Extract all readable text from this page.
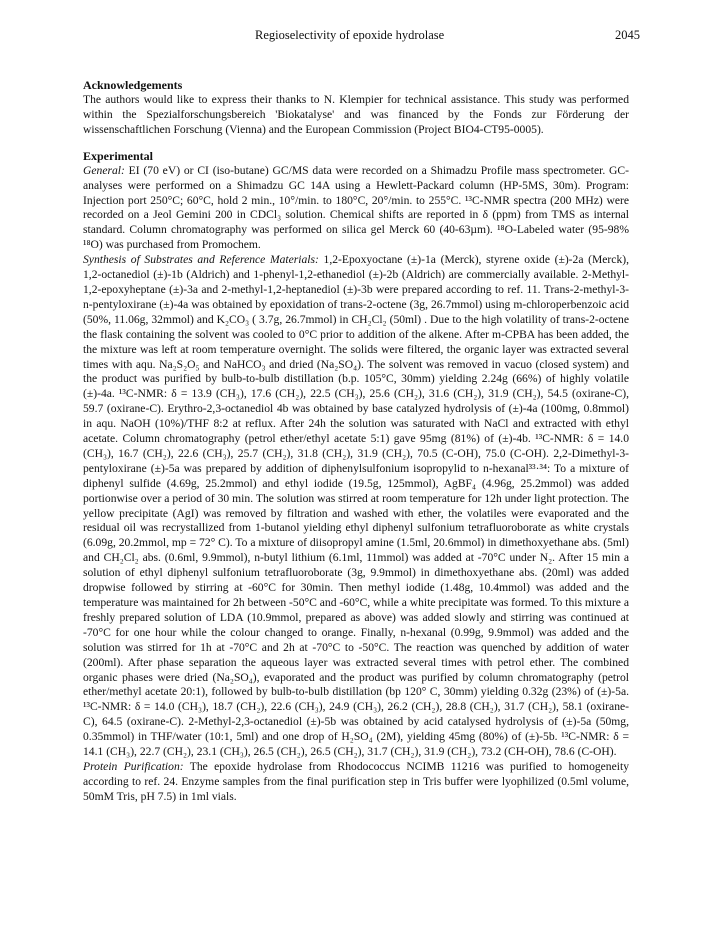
Regioselectivity of epoxide hydrolase	2045

Acknowledgements

The authors would like to express their thanks to N. Klempier for technical assistance. This study was performed within the Spezialforschungsbereich 'Biokatalyse' and was financed by the Fonds zur Förderung der wissenschaftlichen Forschung (Vienna) and the European Commission (Project BIO4-CT95-0005).

Experimental

General: EI (70 eV) or CI (iso-butane) GC/MS data were recorded on a Shimadzu Profile mass spectrometer. GC-analyses were performed on a Shimadzu GC 14A using a Hewlett-Packard column (HP-5MS, 30m). Program: Injection port 250°C; 60°C, hold 2 min., 10°/min. to 180°C, 20°/min. to 255°C. ¹³C-NMR spectra (200 MHz) were recorded on a Jeol Gemini 200 in CDCl₃ solution. Chemical shifts are reported in δ (ppm) from TMS as internal standard. Column chromatography was performed on silica gel Merck 60 (40-63µm). ¹⁸O-Labeled water (95-98% ¹⁸O) was purchased from Promochem.

Synthesis of Substrates and Reference Materials: 1,2-Epoxyoctane (±)-1a (Merck), styrene oxide (±)-2a (Merck), 1,2-octanediol (±)-1b (Aldrich) and 1-phenyl-1,2-ethanediol (±)-2b (Aldrich) are commercially available. 2-Methyl-1,2-epoxyheptane (±)-3a and 2-methyl-1,2-heptanediol (±)-3b were prepared according to ref. 11. Trans-2-methyl-3-n-pentyloxirane (±)-4a was obtained by epoxidation of trans-2-octene (3g, 26.7mmol) using m-chloroperbenzoic acid (50%, 11.06g, 32mmol) and K₂CO₃ ( 3.7g, 26.7mmol) in CH₂Cl₂ (50ml) . Due to the high volatility of trans-2-octene the flask containing the solvent was cooled to 0°C prior to addition of the alkene. After m-CPBA has been added, the the mixture was left at room temperature overnight. The solids were filtered, the organic layer was extracted several times with aqu. Na₂S₂O₅ and NaHCO₃ and dried (Na₂SO₄). The solvent was removed in vacuo (closed system) and the product was purified by bulb-to-bulb distillation (b.p. 105°C, 30mm) yielding 2.24g (66%) of highly volatile (±)-4a. ¹³C-NMR: δ = 13.9 (CH₃), 17.6 (CH₂), 22.5 (CH₃), 25.6 (CH₂), 31.6 (CH₂), 31.9 (CH₂), 54.5 (oxirane-C), 59.7 (oxirane-C). Erythro-2,3-octanediol 4b was obtained by base catalyzed hydrolysis of (±)-4a (100mg, 0.8mmol) in aqu. NaOH (10%)/THF 8:2 at reflux. After 24h the solution was saturated with NaCl and extracted with ethyl acetate. Column chromatography (petrol ether/ethyl acetate 5:1) gave 95mg (81%) of (±)-4b. ¹³C-NMR: δ = 14.0 (CH₃), 16.7 (CH₂), 22.6 (CH₃), 25.7 (CH₂), 31.8 (CH₂), 31.9 (CH₂), 70.5 (C-OH), 75.0 (C-OH). 2,2-Dimethyl-3-pentyloxirane (±)-5a was prepared by addition of diphenylsulfonium isopropylid to n-hexanal³³·³⁴: To a mixture of diphenyl sulfide (4.69g, 25.2mmol) and ethyl iodide (19.5g, 125mmol), AgBF₄ (4.96g, 25.2mmol) was added portionwise over a period of 30 min. The solution was stirred at room temperature for 12h under light protection. The yellow precipitate (AgI) was removed by filtration and washed with ether, the volatiles were evaporated and the residual oil was recrystallized from 1-butanol yielding ethyl diphenyl sulfonium tetrafluoroborate as white crystals (6.09g, 20.2mmol, mp = 72° C). To a mixture of diisopropyl amine (1.5ml, 20.6mmol) in dimethoxyethane abs. (5ml) and CH₂Cl₂ abs. (0.6ml, 9.9mmol), n-butyl lithium (6.1ml, 11mmol) was added at -70°C under N₂. After 15 min a solution of ethyl diphenyl sulfonium tetrafluoroborate (3g, 9.9mmol) in dimethoxyethane abs. (20ml) was added dropwise followed by stirring at -60°C for 30min. Then methyl iodide (1.48g, 10.4mmol) was added and the temperature was maintained for 2h between -50°C and -60°C, while a white precipitate was formed. To this mixture a freshly prepared solution of LDA (10.9mmol, prepared as above) was added slowly and stirring was continued at -70°C for one hour while the colour changed to orange. Finally, n-hexanal (0.99g, 9.9mmol) was added and the solution was stirred for 1h at -70°C and 2h at -70°C to -50°C. The reaction was quenched by addition of water (200ml). After phase separation the aqueous layer was extracted several times with petrol ether. The combined organic phases were dried (Na₂SO₄), evaporated and the product was purified by column chromatography (petrol ether/methyl acetate 20:1), followed by bulb-to-bulb distillation (bp 120° C, 30mm) yielding 0.32g (23%) of (±)-5a. ¹³C-NMR: δ = 14.0 (CH₃), 18.7 (CH₂), 22.6 (CH₃), 24.9 (CH₃), 26.2 (CH₂), 28.8 (CH₂), 31.7 (CH₂), 58.1 (oxirane-C), 64.5 (oxirane-C). 2-Methyl-2,3-octanediol (±)-5b was obtained by acid catalysed hydrolysis of (±)-5a (50mg, 0.35mmol) in THF/water (10:1, 5ml) and one drop of H₂SO₄ (2M), yielding 45mg (80%) of (±)-5b. ¹³C-NMR: δ = 14.1 (CH₃), 22.7 (CH₂), 23.1 (CH₃), 26.5 (CH₂), 26.5 (CH₂), 31.7 (CH₂), 31.9 (CH₂), 73.2 (CH-OH), 78.6 (C-OH).

Protein Purification: The epoxide hydrolase from Rhodococcus NCIMB 11216 was purified to homogeneity according to ref. 24. Enzyme samples from the final purification step in Tris buffer were lyophilized (0.5ml volume, 50mM Tris, pH 7.5) in 1ml vials.
